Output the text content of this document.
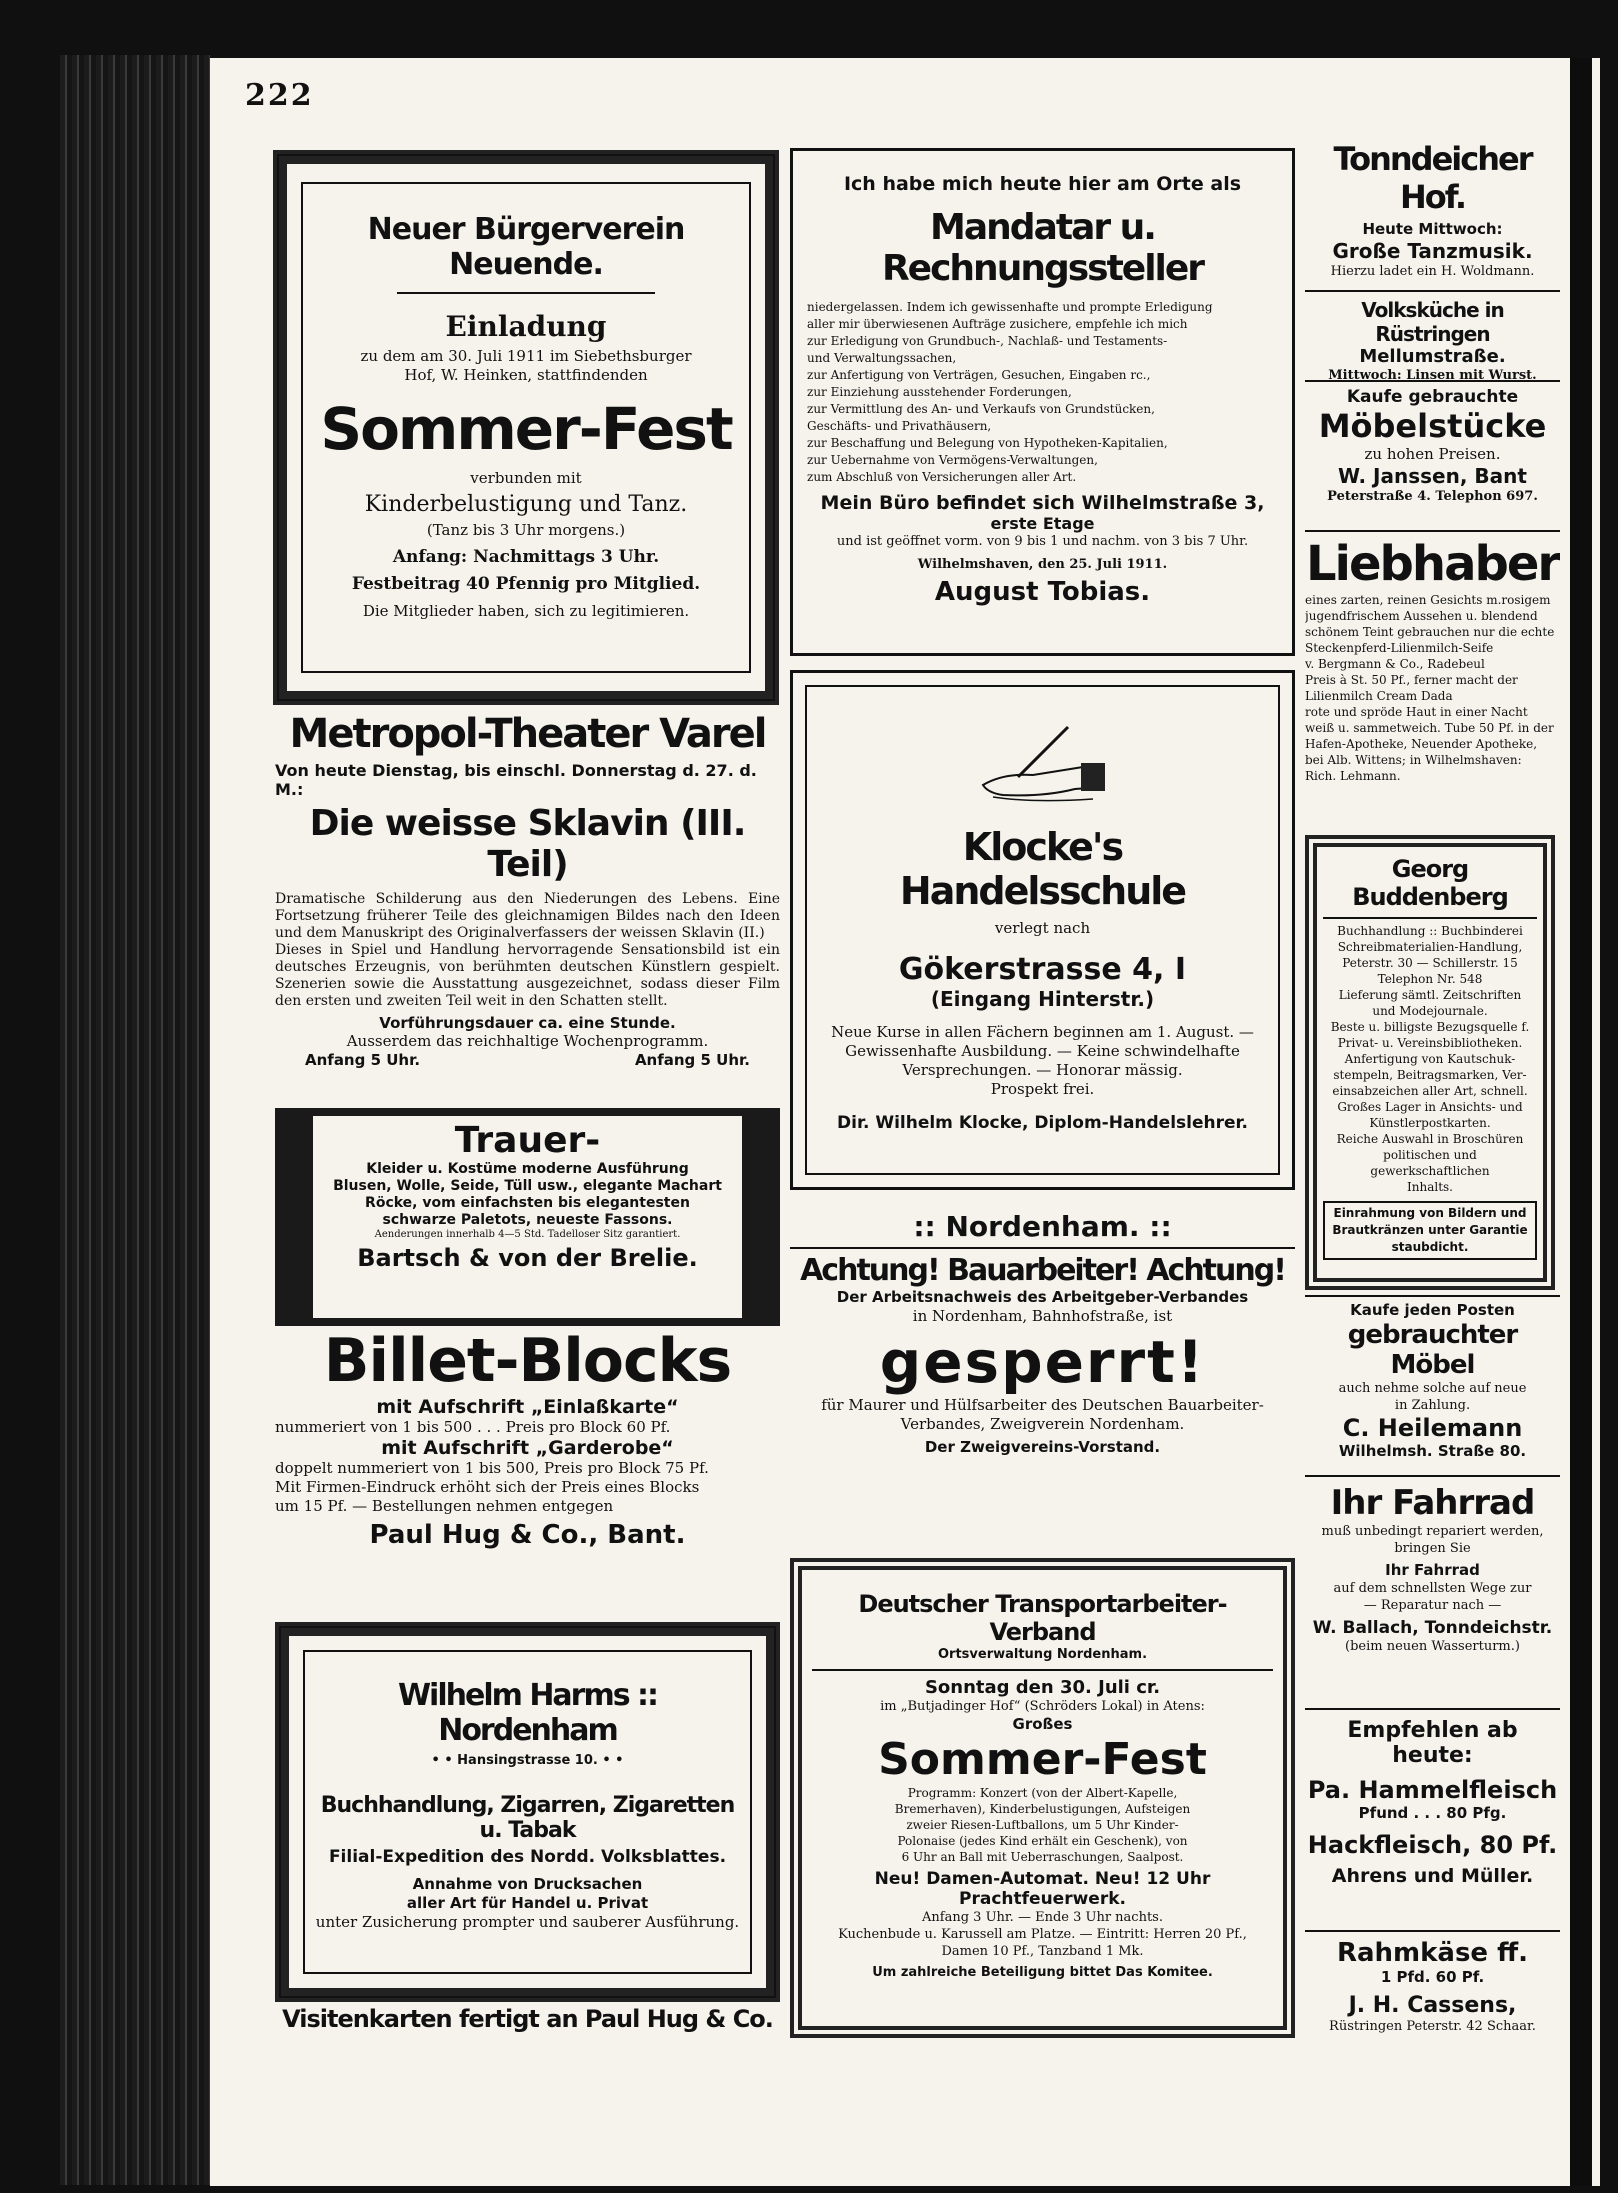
222
Neuer Bürgerverein Neuende.
Einladung
zu dem am 30. Juli 1911 im Siebethsburger
Hof, W. Heinken, stattfindenden
Sommer-Fest
verbunden mit
Kinderbelustigung und Tanz.
(Tanz bis 3 Uhr morgens.)
Anfang: Nachmittags 3 Uhr.
Festbeitrag 40 Pfennig pro Mitglied.
Die Mitglieder haben, sich zu legitimieren.
Ich habe mich heute hier am Orte als
Mandatar u. Rechnungssteller
niedergelassen. Indem ich gewissenhafte und prompte Erledigung
aller mir überwiesenen Aufträge zusichere, empfehle ich mich
zur Erledigung von Grundbuch-, Nachlaß- und Testaments-
und Verwaltungssachen,
zur Anfertigung von Verträgen, Gesuchen, Eingaben rc.,
zur Einziehung ausstehender Forderungen,
zur Vermittlung des An- und Verkaufs von Grundstücken,
Geschäfts- und Privathäusern,
zur Beschaffung und Belegung von Hypotheken-Kapitalien,
zur Uebernahme von Vermögens-Verwaltungen,
zum Abschluß von Versicherungen aller Art.
Mein Büro befindet sich Wilhelmstraße 3,
erste Etage
und ist geöffnet vorm. von 9 bis 1 und nachm. von 3 bis 7 Uhr.
Wilhelmshaven, den 25. Juli 1911.
August Tobias.
Tonndeicher Hof.
Heute Mittwoch:
Große Tanzmusik.
Hierzu ladet ein H. Woldmann.
Volksküche in Rüstringen
Mellumstraße.
Mittwoch: Linsen mit Wurst.
Kaufe gebrauchte
Möbelstücke
zu hohen Preisen.
W. Janssen, Bant
Peterstraße 4. Telephon 697.
Liebhaber
eines zarten, reinen Gesichts m.rosigem
jugendfrischem Aussehen u. blendend
schönem Teint gebrauchen nur die echte
Steckenpferd-Lilienmilch-Seife
v. Bergmann & Co., Radebeul
Preis à St. 50 Pf., ferner macht der
Lilienmilch Cream Dada
rote und spröde Haut in einer Nacht
weiß u. sammetweich. Tube 50 Pf. in der
Hafen-Apotheke, Neuender Apotheke,
bei Alb. Wittens; in Wilhelmshaven:
Rich. Lehmann.
Georg Buddenberg
Buchhandlung :: Buchbinderei
Schreibmaterialien-Handlung,
Peterstr. 30 — Schillerstr. 15
Telephon Nr. 548
Lieferung sämtl. Zeitschriften
und Modejournale.
Beste u. billigste Bezugsquelle f.
Privat- u. Vereinsbibliotheken.
Anfertigung von Kautschuk-
stempeln, Beitragsmarken, Ver-
einsabzeichen aller Art, schnell.
Großes Lager in Ansichts- und
Künstlerpostkarten.
Reiche Auswahl in Broschüren
politischen und gewerkschaftlichen
Inhalts.
Einrahmung von Bildern und Brautkränzen unter Garantie staubdicht.
Metropol-Theater Varel
Von heute Dienstag, bis einschl. Donnerstag d. 27. d. M.:
Die weisse Sklavin (III. Teil)
Dramatische Schilderung aus den Niederungen des Lebens. Eine Fortsetzung früherer Teile des gleichnamigen Bildes nach den Ideen und dem Manuskript des Originalverfassers der weissen Sklavin (II.)
Dieses in Spiel und Handlung hervorragende Sensationsbild ist ein deutsches Erzeugnis, von berühmten deutschen Künstlern gespielt. Szenerien sowie die Ausstattung ausgezeichnet, sodass dieser Film den ersten und zweiten Teil weit in den Schatten stellt.
Vorführungsdauer ca. eine Stunde.
Ausserdem das reichhaltige Wochenprogramm.
Anfang 5 Uhr.	Anfang 5 Uhr.
Klocke's Handelsschule
verlegt nach
Gökerstrasse 4, I
(Eingang Hinterstr.)
Neue Kurse in allen Fächern beginnen am 1. August. — Gewissenhafte Ausbildung. — Keine schwindelhafte Versprechungen. — Honorar mässig.
Prospekt frei.
Dir. Wilhelm Klocke, Diplom-Handelslehrer.
Trauer-
Kleider u. Kostüme moderne Ausführung
Blusen, Wolle, Seide, Tüll usw., elegante Machart
Röcke, vom einfachsten bis elegantesten
schwarze Paletots, neueste Fassons.
Aenderungen innerhalb 4—5 Std. Tadelloser Sitz garantiert.
Bartsch & von der Brelie.
:: Nordenham. ::
Achtung! Bauarbeiter! Achtung!
Der Arbeitsnachweis des Arbeitgeber-Verbandes
in Nordenham, Bahnhofstraße, ist
gesperrt!
für Maurer und Hülfsarbeiter des Deutschen Bauarbeiter-
Verbandes, Zweigverein Nordenham.
Der Zweigvereins-Vorstand.
Kaufe jeden Posten
gebrauchter Möbel
auch nehme solche auf neue
in Zahlung.
C. Heilemann
Wilhelmsh. Straße 80.
Billet-Blocks
mit Aufschrift „Einlaßkarte“
nummeriert von 1 bis 500 . . . Preis pro Block 60 Pf.
mit Aufschrift „Garderobe“
doppelt nummeriert von 1 bis 500, Preis pro Block 75 Pf.
Mit Firmen-Eindruck erhöht sich der Preis eines Blocks
um 15 Pf. — Bestellungen nehmen entgegen
Paul Hug & Co., Bant.
Ihr Fahrrad
muß unbedingt repariert werden,
bringen Sie
Ihr Fahrrad
auf dem schnellsten Wege zur
— Reparatur nach —
W. Ballach, Tonndeichstr.
(beim neuen Wasserturm.)
Deutscher Transportarbeiter-Verband
Ortsverwaltung Nordenham.
Sonntag den 30. Juli cr.
im „Butjadinger Hof“ (Schröders Lokal) in Atens:
Großes
Sommer-Fest
Programm: Konzert (von der Albert-Kapelle,
Bremerhaven), Kinderbelustigungen, Aufsteigen
zweier Riesen-Luftballons, um 5 Uhr Kinder-
Polonaise (jedes Kind erhält ein Geschenk), von
6 Uhr an Ball mit Ueberraschungen, Saalpost.
Neu! Damen-Automat. Neu! 12 Uhr Prachtfeuerwerk.
Anfang 3 Uhr. — Ende 3 Uhr nachts.
Kuchenbude u. Karussell am Platze. — Eintritt: Herren 20 Pf.,
Damen 10 Pf., Tanzband 1 Mk.
Um zahlreiche Beteiligung bittet Das Komitee.
Wilhelm Harms :: Nordenham
• • Hansingstrasse 10. • •
Buchhandlung, Zigarren, Zigaretten u. Tabak
Filial-Expedition des Nordd. Volksblattes.
Annahme von Drucksachen
aller Art für Handel u. Privat
unter Zusicherung prompter und sauberer Ausführung.
Empfehlen ab heute:
Pa. Hammelfleisch
Pfund . . . 80 Pfg.
Hackfleisch, 80 Pf.
Ahrens und Müller.
Rahmkäse ff.
1 Pfd. 60 Pf.
J. H. Cassens,
Rüstringen Peterstr. 42 Schaar.
Visitenkarten fertigt an Paul Hug & Co.
